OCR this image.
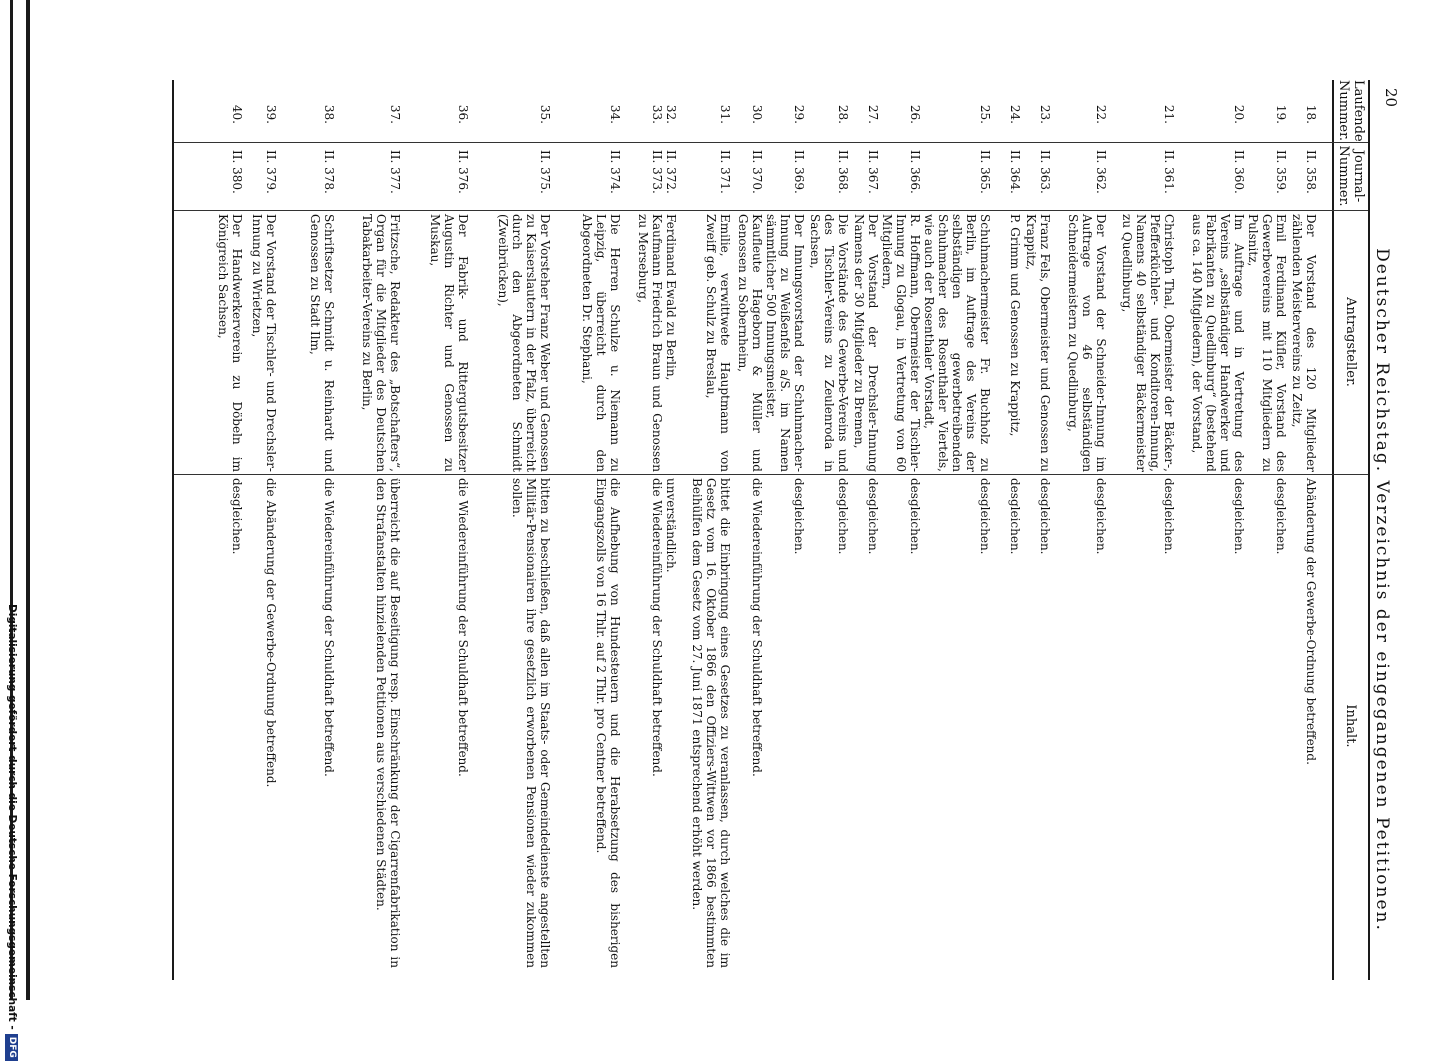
Digitalisierung gefördert durch die Deutsche Forschungsgemeinschaft -
DFG
20
Deutscher Reichstag. Verzeichnis der eingegangenen Petitionen.
Laufende
Nummer.
Journal-
Nummer.
Antragsteller.
Inhalt.
18.
II. 358.
Der Vorstand des 120 Mitglieder zählenden Meistervereins zu Zeitz,
Abänderung der Gewerbe-Ordnung betreffend.
19.
II. 359.
Emil Ferdinand Küfler, Vorstand des Gewerbevereins mit 110 Mitgliedern zu Pulsnitz,
desgleichen.
20.
II. 360.
Im Auftrage und in Vertretung des Vereins „selbständiger Handwerker und Fabrikanten zu Quedlinburg“ (bestehend aus ca. 140 Mitgliedern), der Vorstand,
desgleichen.
21.
II. 361.
Christoph Thal, Obermeister der Bäcker-, Pfefferküchler- und Konditoren-Innung, Namens 40 selbständiger Bäckermeister zu Quedlinburg,
desgleichen.
22.
II. 362.
Der Vorstand der Schneider-Innung im Auftrage von 46 selbständigen Schneidermeistern zu Quedlinburg,
desgleichen.
23.
II. 363.
Franz Fels, Obermeister und Genossen zu Krappitz,
desgleichen.
24.
II. 364.
P. Grimm und Genossen zu Krappitz,
desgleichen.
25.
II. 365.
Schuhmachermeister Fr. Buchholz zu Berlin, im Auftrage des Vereins der selbständigen gewerbetreibenden Schuhmacher des Rosenthaler Viertels, wie auch der Rosenthaler Vorstadt,
desgleichen.
26.
II. 366.
R. Hoffmann, Obermeister der Tischler-Innung zu Glogau, in Vertretung von 60 Mitgliedern,
desgleichen.
27.
II. 367.
Der Vorstand der Drechsler-Innung Namens der 30 Mitglieder zu Bremen,
desgleichen.
28.
II. 368.
Die Vorstände des Gewerbe-Vereins und des Tischler-Vereins zu Zeulenroda in Sachsen,
desgleichen.
29.
II. 369.
Der Innungsvorstand der Schuhmacher-Innung zu Weißenfels a/S. im Namen sämmtlicher 500 Innungsmeister,
desgleichen.
30.
II. 370.
Kaufleute Hageborn & Müller und Genossen zu Sobernheim,
die Wiedereinführung der Schuldhaft betreffend.
31.
II. 371.
Emilie, verwittwete Hauptmann von Zweiff geb. Schulz zu Breslau,
bittet die Einbringung eines Gesetzes zu veranlassen, durch welches die im Gesetz vom 16. Oktober 1866 den Offiziers-Wittwen vor 1866 bestimmten Beihülfen dem Gesetz vom 27. Juni 1871 entsprechend erhöht werden.
32.
II. 372.
Ferdinand Ewald zu Berlin,
unverständlich.
33.
II. 373.
Kaufmann Friedrich Braun und Genossen zu Merseburg,
die Wiedereinführung der Schuldhaft betreffend.
34.
II. 374.
Die Herren Schulze u. Niemann zu Leipzig, überreicht durch den Abgeordneten Dr. Stephani,
die Aufhebung von Hundesteuern und die Herabsetzung des bisherigen Eingangszolls von 16 Thlr. auf 2 Thlr. pro Centner betreffend.
35.
II. 375.
Der Vorsteher Franz Weber und Genossen zu Kaiserslautern in der Pfalz, überreicht durch den Abgeordneten Schmidt (Zweibrücken),
bitten zu beschließen, daß allen im Staats- oder Gemeindedienste angestellten Militär-Pensionairen ihre gesetzlich erworbenen Pensionen wieder zukommen sollen.
36.
II. 376.
Der Fabrik- und Rittergutsbesitzer Augustin Richter und Genossen zu Muskau,
die Wiedereinführung der Schuldhaft betreffend.
37.
II. 377.
Fritzsche, Redakteur des „Botschafters“, Organ für die Mitglieder des Deutschen Tabakarbeiter-Vereins zu Berlin,
überreicht die auf Beseitigung resp. Einschränkung der Cigarrenfabrikation in den Strafanstalten hinzielenden Petitionen aus verschiedenen Städten.
38.
II. 378.
Schriftsetzer Schmidt u. Reinhardt und Genossen zu Stadt Ilm,
die Wiedereinführung der Schuldhaft betreffend.
39.
II. 379.
Der Vorstand der Tischler- und Drechsler-Innung zu Wrietzen,
die Abänderung der Gewerbe-Ordnung betreffend.
40.
II. 380.
Der Handwerkerverein zu Döbeln im Königreich Sachsen,
desgleichen.
